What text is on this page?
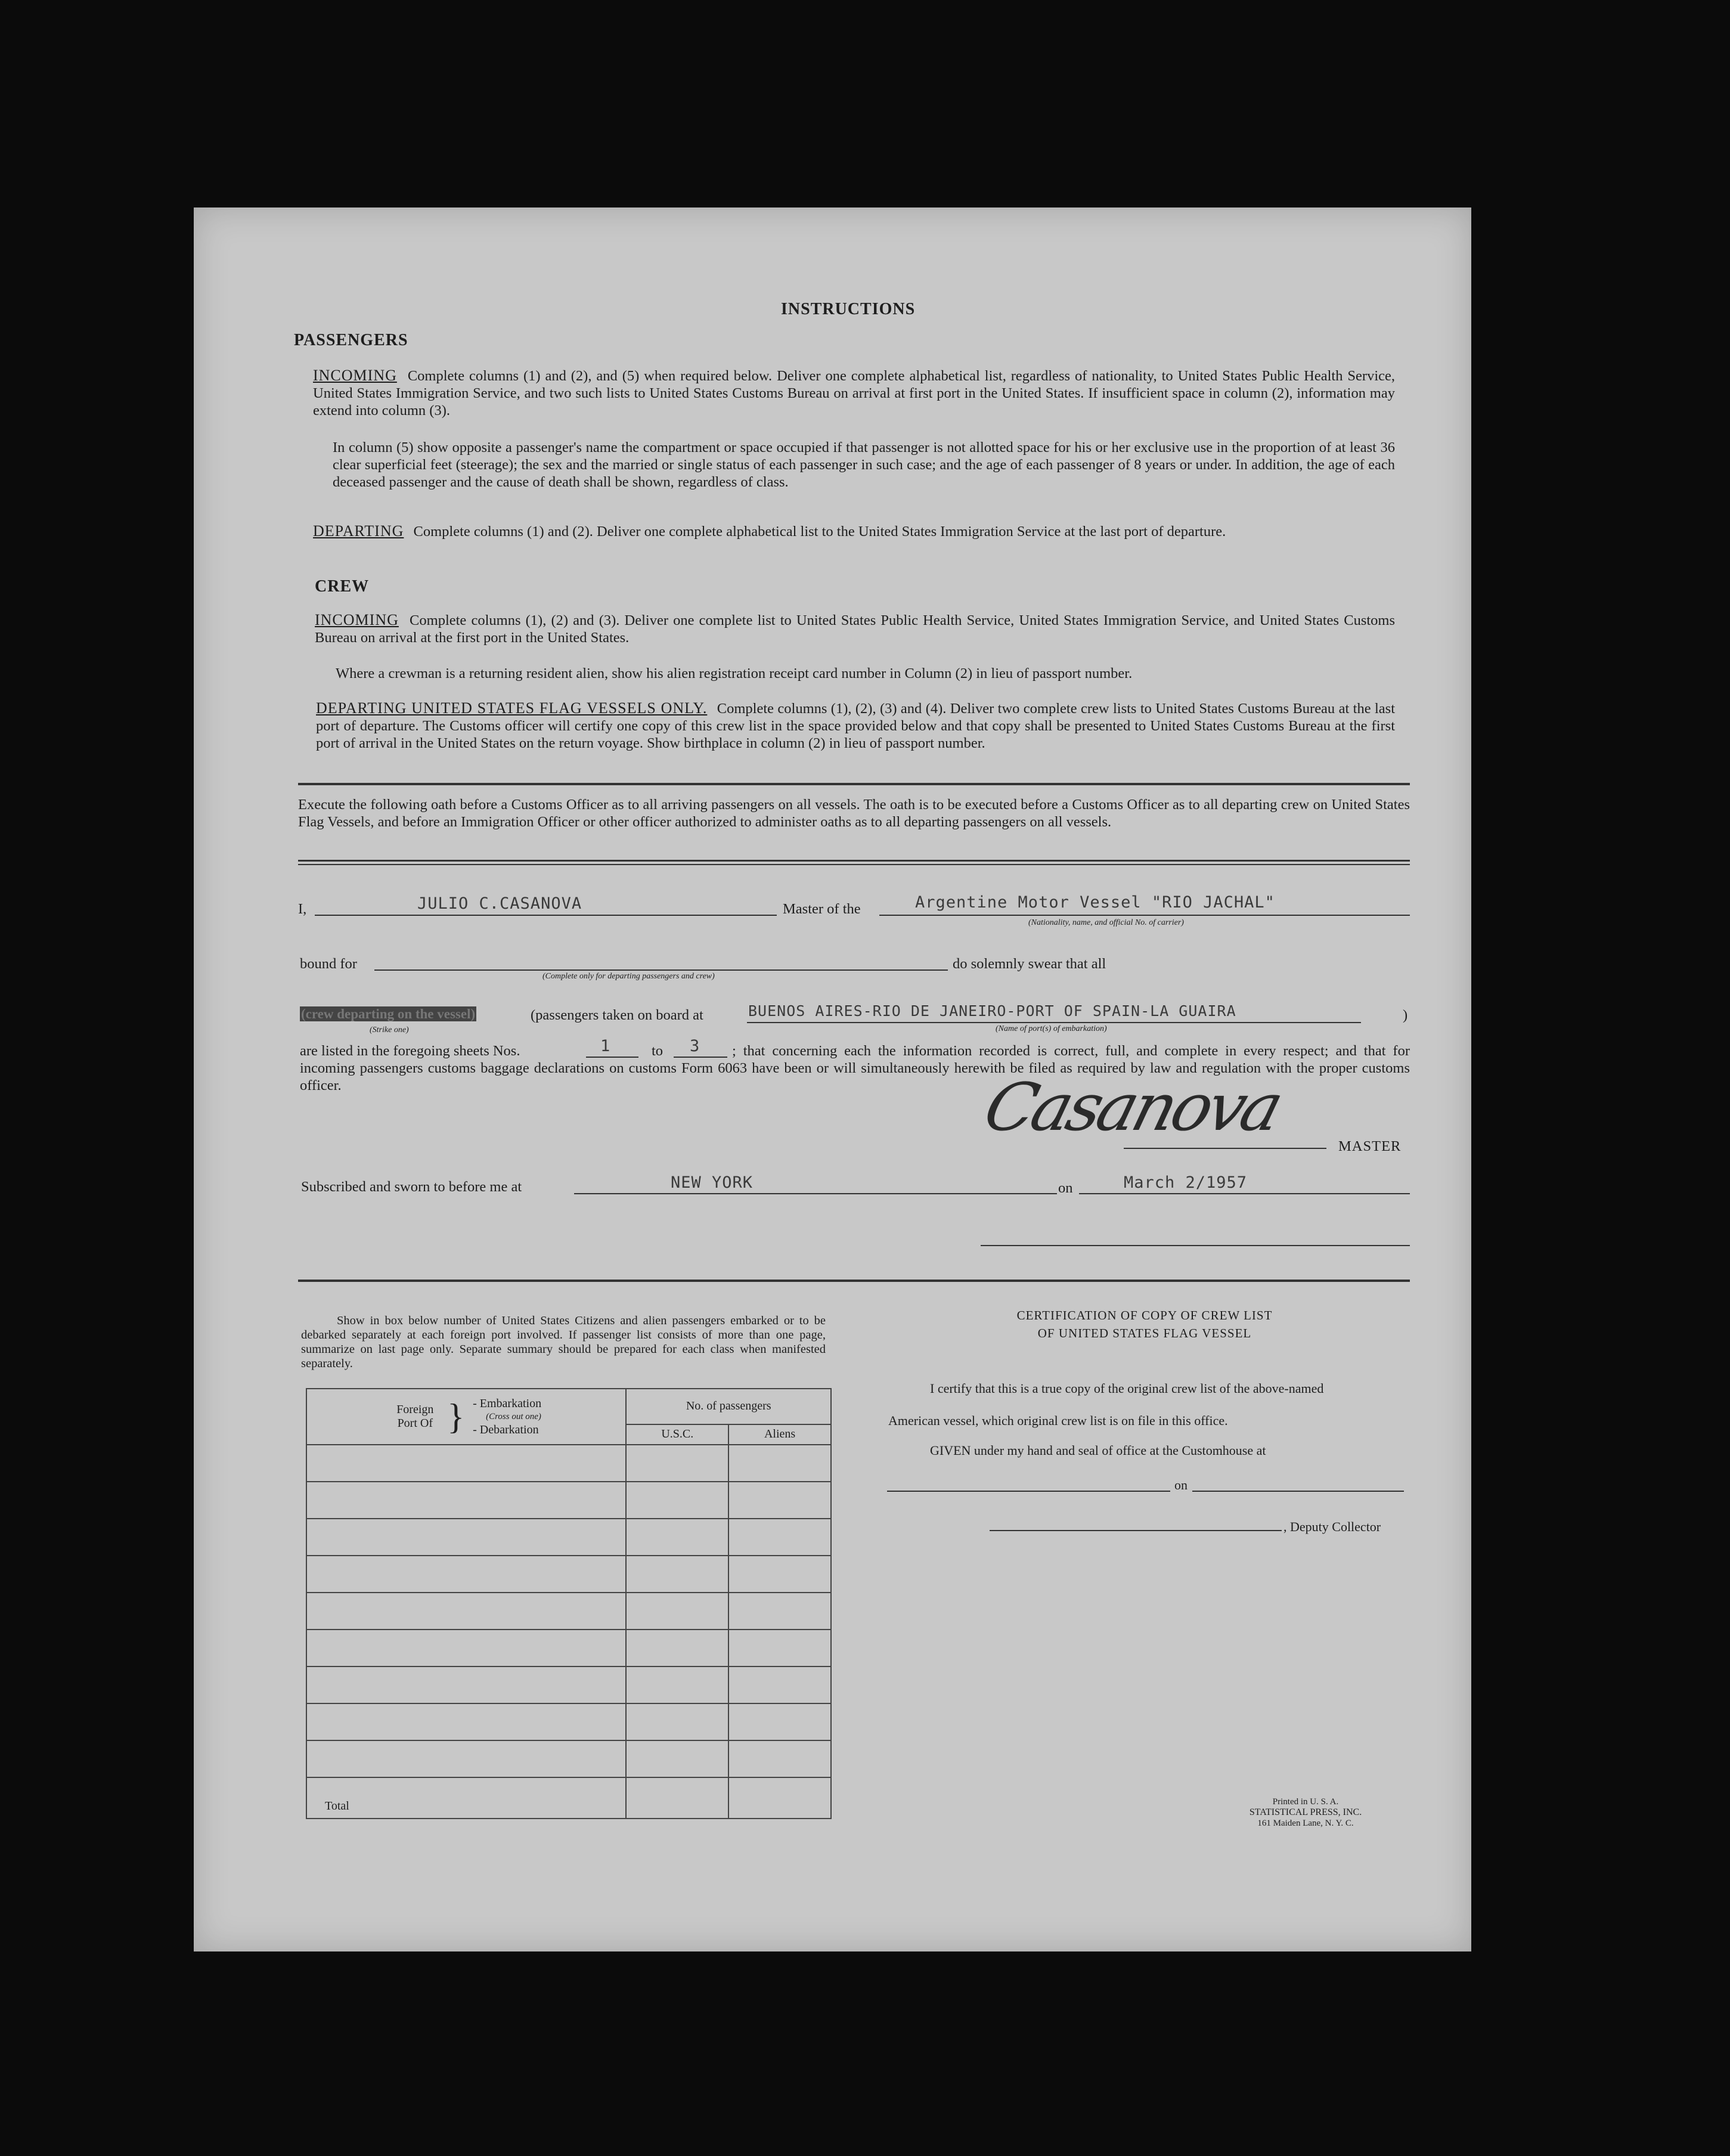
INSTRUCTIONS
PASSENGERS
INCOMING Complete columns (1) and (2), and (5) when required below. Deliver one complete alphabetical list, regardless of nationality, to United States Public Health Service, United States Immigration Service, and two such lists to United States Customs Bureau on arrival at first port in the United States. If insufficient space in column (2), information may extend into column (3).
In column (5) show opposite a passenger's name the compartment or space occupied if that passenger is not allotted space for his or her exclusive use in the proportion of at least 36 clear superficial feet (steerage); the sex and the married or single status of each passenger in such case; and the age of each passenger of 8 years or under. In addition, the age of each deceased passenger and the cause of death shall be shown, regardless of class.
DEPARTING Complete columns (1) and (2). Deliver one complete alphabetical list to the United States Immigration Service at the last port of departure.
CREW
INCOMING Complete columns (1), (2) and (3). Deliver one complete list to United States Public Health Service, United States Immigration Service, and United States Customs Bureau on arrival at the first port in the United States.
Where a crewman is a returning resident alien, show his alien registration receipt card number in Column (2) in lieu of passport number.
DEPARTING UNITED STATES FLAG VESSELS ONLY. Complete columns (1), (2), (3) and (4). Deliver two complete crew lists to United States Customs Bureau at the last port of departure. The Customs officer will certify one copy of this crew list in the space provided below and that copy shall be presented to United States Customs Bureau at the first port of arrival in the United States on the return voyage. Show birthplace in column (2) in lieu of passport number.
Execute the following oath before a Customs Officer as to all arriving passengers on all vessels. The oath is to be executed before a Customs Officer as to all departing crew on United States Flag Vessels, and before an Immigration Officer or other officer authorized to administer oaths as to all departing passengers on all vessels.
I,	JULIO C.CASANOVA	Master of the	Argentine Motor Vessel "RIO JACHAL"
(Nationality, name, and official No. of carrier)
bound for
(Complete only for departing passengers and crew)
do solemnly swear that all
(crew departing on the vessel)
(Strike one)
(passengers taken on board at	BUENOS AIRES-RIO DE JANEIRO-PORT OF SPAIN-LA GUAIRA	)
(Name of port(s) of embarkation)
are listed in the foregoing sheets Nos.	1	to 3	; that concerning each the information recorded is correct, full, and complete in every respect; and that for incoming passengers customs baggage declarations on customs Form 6063 have been or will simultaneously herewith be filed as required by law and regulation with the proper customs officer.	Casanova
MASTER
Subscribed and sworn to before me at	NEW YORK	on	March 2/1957
Show in box below number of United States Citizens and alien passengers embarked or to be debarked separately at each foreign port involved. If passenger list consists of more than one page, summarize on last page only. Separate summary should be prepared for each class when manifested separately.
Foreign Port Of } - Embarkation
(Cross out one)
- Debarkation	No. of passengers	
	U.S.C.	Aliens

Total		
CERTIFICATION OF COPY OF CREW LIST
OF UNITED STATES FLAG VESSEL
I certify that this is a true copy of the original crew list of the above-named
American vessel, which original crew list is on file in this office.
GIVEN under my hand and seal of office at the Customhouse at
on
, Deputy Collector
Printed in U. S. A.
STATISTICAL PRESS, INC.
161 Maiden Lane, N. Y. C.
